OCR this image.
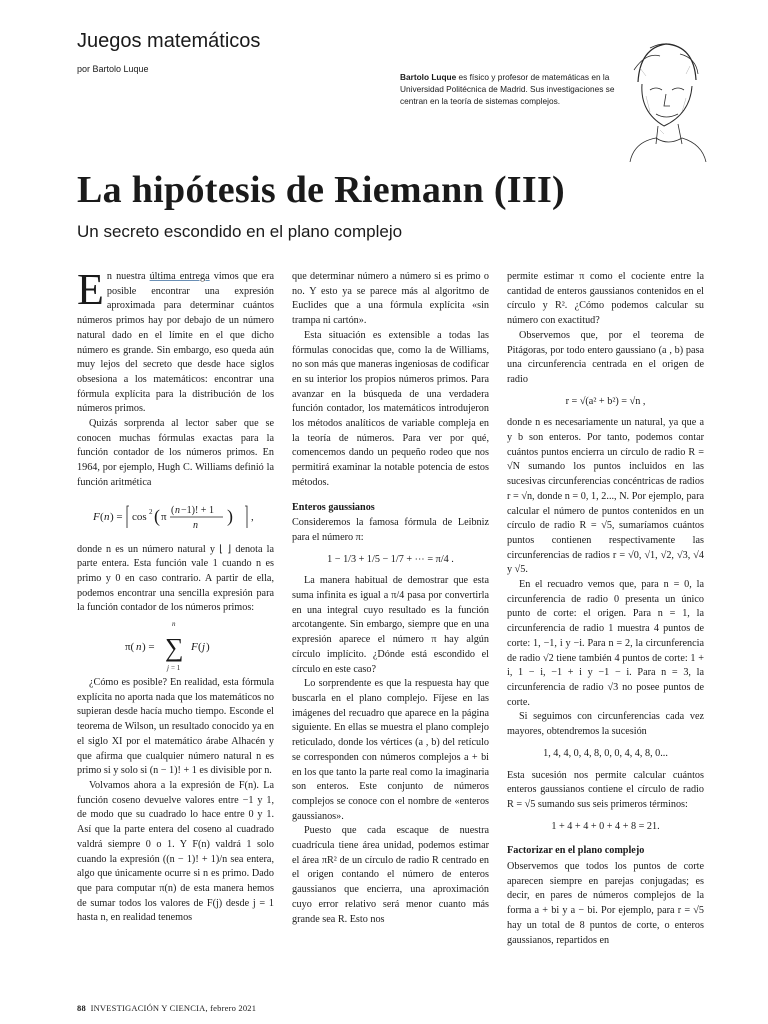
Juegos matemáticos
por Bartolo Luque
Bartolo Luque es físico y profesor de matemáticas en la Universidad Politécnica de Madrid. Sus investigaciones se centran en la teoría de sistemas complejos.
La hipótesis de Riemann (III)
Un secreto escondido en el plano complejo

En nuestra última entrega vimos que era posible encontrar una expresión aproximada para determinar cuántos números primos hay por debajo de un número natural dado en el límite en el que dicho número es grande. Sin embargo, eso queda aún muy lejos del secreto que desde hace siglos obsesiona a los matemáticos: encontrar una fórmula explícita para la distribución de los números primos.

Quizás sorprenda al lector saber que se conocen muchas fórmulas exactas para la función contador de los números primos. En 1964, por ejemplo, Hugh C. Williams definió la función aritmética

F ( n ) = cos 2 ( π
( n −1)! + 1
n ) ,

donde n es un número natural y ⌊ ⌋ denota la parte entera. Esta función vale 1 cuando n es primo y 0 en caso contrario. A partir de ella, podemos encontrar una sencilla expresión para la función contador de los números primos:

π( n ) =
n
∑
j = 1
F ( j )

¿Cómo es posible? En realidad, esta fórmula explícita no aporta nada que los matemáticos no supieran desde hacía mucho tiempo. Esconde el teorema de Wilson, un resultado conocido ya en el siglo XI por el matemático árabe Alhacén y que afirma que cualquier número natural n es primo si y solo si (n − 1)! + 1 es divisible por n.

Volvamos ahora a la expresión de F(n). La función coseno devuelve valores entre −1 y 1, de modo que su cuadrado lo hace entre 0 y 1. Así que la parte entera del coseno al cuadrado valdrá siempre 0 o 1. Y F(n) valdrá 1 solo cuando la expresión ((n − 1)! + 1)/n sea entera, algo que únicamente ocurre si n es primo. Dado que para computar π(n) de esta manera hemos de sumar todos los valores de F(j) desde j = 1 hasta n, en realidad tenemos

que determinar número a número si es primo o no. Y esto ya se parece más al algoritmo de Euclides que a una fórmula explícita «sin trampa ni cartón».

Esta situación es extensible a todas las fórmulas conocidas que, como la de Williams, no son más que maneras ingeniosas de codificar en su interior los propios números primos. Para avanzar en la búsqueda de una verdadera función contador, los matemáticos introdujeron los métodos analíticos de variable compleja en la teoría de números. Para ver por qué, comencemos dando un pequeño rodeo que nos permitirá examinar la notable potencia de estos métodos.

Enteros gaussianos

Consideremos la famosa fórmula de Leibniz para el número π:

1 − 1/3 + 1/5 − 1/7 + ⋯ = π/4 .

La manera habitual de demostrar que esta suma infinita es igual a π/4 pasa por convertirla en una integral cuyo resultado es la función arcotangente. Sin embargo, siempre que en una expresión aparece el número π hay algún círculo implícito. ¿Dónde está escondido el círculo en este caso?

Lo sorprendente es que la respuesta hay que buscarla en el plano complejo. Fíjese en las imágenes del recuadro que aparece en la página siguiente. En ellas se muestra el plano complejo reticulado, donde los vértices (a , b) del retículo se corresponden con números complejos a + bi en los que tanto la parte real como la imaginaria son enteros. Este conjunto de números complejos se conoce con el nombre de «enteros gaussianos».

Puesto que cada escaque de nuestra cuadrícula tiene área unidad, podemos estimar el área πR² de un círculo de radio R centrado en el origen contando el número de enteros gaussianos que encierra, una aproximación cuyo error relativo será menor cuanto más grande sea R. Esto nos

permite estimar π como el cociente entre la cantidad de enteros gaussianos contenidos en el círculo y R². ¿Cómo podemos calcular su número con exactitud?

Observemos que, por el teorema de Pitágoras, por todo entero gaussiano (a , b) pasa una circunferencia centrada en el origen de radio

r = √(a² + b²) = √n ,

donde n es necesariamente un natural, ya que a y b son enteros. Por tanto, podemos contar cuántos puntos encierra un círculo de radio R = √N sumando los puntos incluidos en las sucesivas circunferencias concéntricas de radios r = √n, donde n = 0, 1, 2..., N. Por ejemplo, para calcular el número de puntos contenidos en un círculo de radio R = √5, sumaríamos cuántos puntos contienen respectivamente las circunferencias de radios r = √0, √1, √2, √3, √4 y √5.

En el recuadro vemos que, para n = 0, la circunferencia de radio 0 presenta un único punto de corte: el origen. Para n = 1, la circunferencia de radio 1 muestra 4 puntos de corte: 1, −1, i y −i. Para n = 2, la circunferencia de radio √2 tiene también 4 puntos de corte: 1 + i, 1 − i, −1 + i y −1 − i. Para n = 3, la circunferencia de radio √3 no posee puntos de corte.

Si seguimos con circunferencias cada vez mayores, obtendremos la sucesión

1, 4, 4, 0, 4, 8, 0, 0, 4, 4, 8, 0...

Esta sucesión nos permite calcular cuántos enteros gaussianos contiene el círculo de radio R = √5 sumando sus seis primeros términos:

1 + 4 + 4 + 0 + 4 + 8 = 21.
Factorizar en el plano complejo

Observemos que todos los puntos de corte aparecen siempre en parejas conjugadas; es decir, en pares de números complejos de la forma a + bi y a − bi. Por ejemplo, para r = √5 hay un total de 8 puntos de corte, o enteros gaussianos, repartidos en

88 INVESTIGACIÓN Y CIENCIA, febrero 2021
